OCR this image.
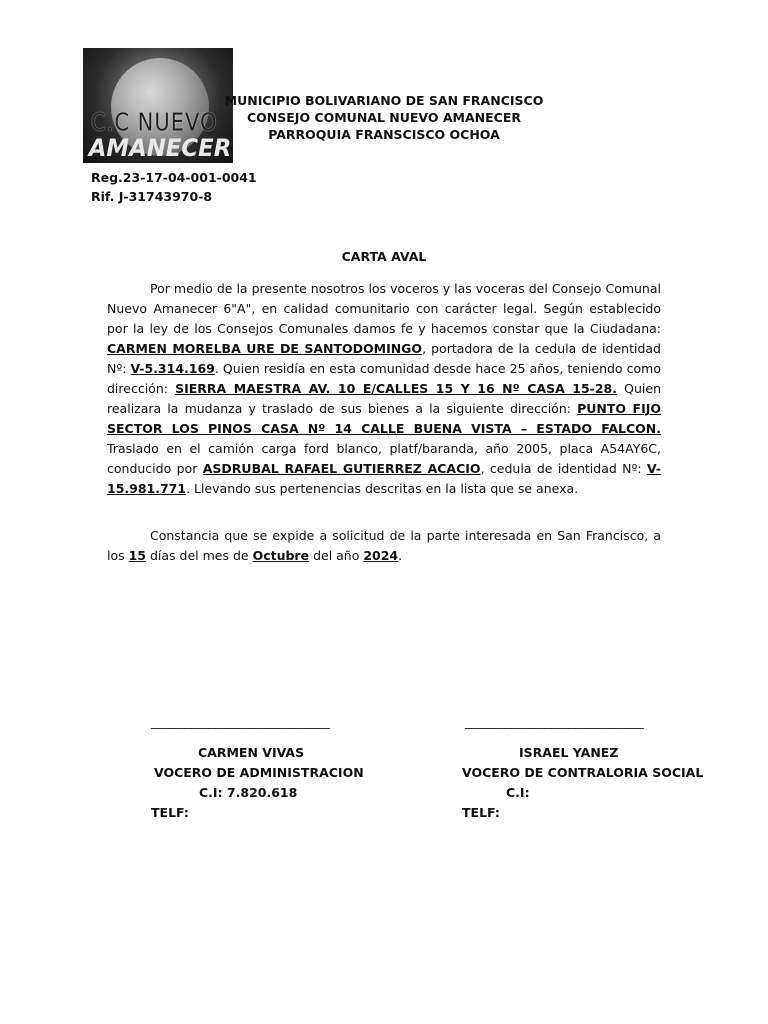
C.C NUEVO
AMANECER
MUNICIPIO BOLIVARIANO DE SAN FRANCISCO
CONSEJO COMUNAL NUEVO AMANECER
PARROQUIA FRANSCISCO OCHOA
Reg.23-17-04-001-0041
Rif. J-31743970-8
CARTA AVAL
Por medio de la presente nosotros los voceros y las voceras del Consejo Comunal Nuevo Amanecer 6"A", en calidad comunitario con carácter legal. Según establecido por la ley de los Consejos Comunales damos fe y hacemos constar que la Ciudadana: CARMEN MORELBA URE DE SANTODOMINGO, portadora de la cedula de identidad Nº: V-5.314.169. Quien residía en esta comunidad desde hace 25 años, teniendo como dirección: SIERRA MAESTRA AV. 10 E/CALLES 15 Y 16 Nº CASA 15-28. Quien realizara la mudanza y traslado de sus bienes a la siguiente dirección: PUNTO FIJO SECTOR LOS PINOS CASA Nº 14 CALLE BUENA VISTA – ESTADO FALCON. Traslado en el camión carga ford blanco, platf/baranda, año 2005, placa A54AY6C, conducido por ASDRUBAL RAFAEL GUTIERREZ ACACIO, cedula de identidad Nº: V-15.981.771. Llevando sus pertenencias descritas en la lista que se anexa.
Constancia que se expide a solicitud de la parte interesada en San Francisco, a los 15 días del mes de Octubre del año 2024.
_______________________________	_______________________________
CARMEN VIVAS
VOCERO DE ADMINISTRACION
C.I: 7.820.618
TELF:
ISRAEL YANEZ
VOCERO DE CONTRALORIA SOCIAL
C.I:
TELF:
